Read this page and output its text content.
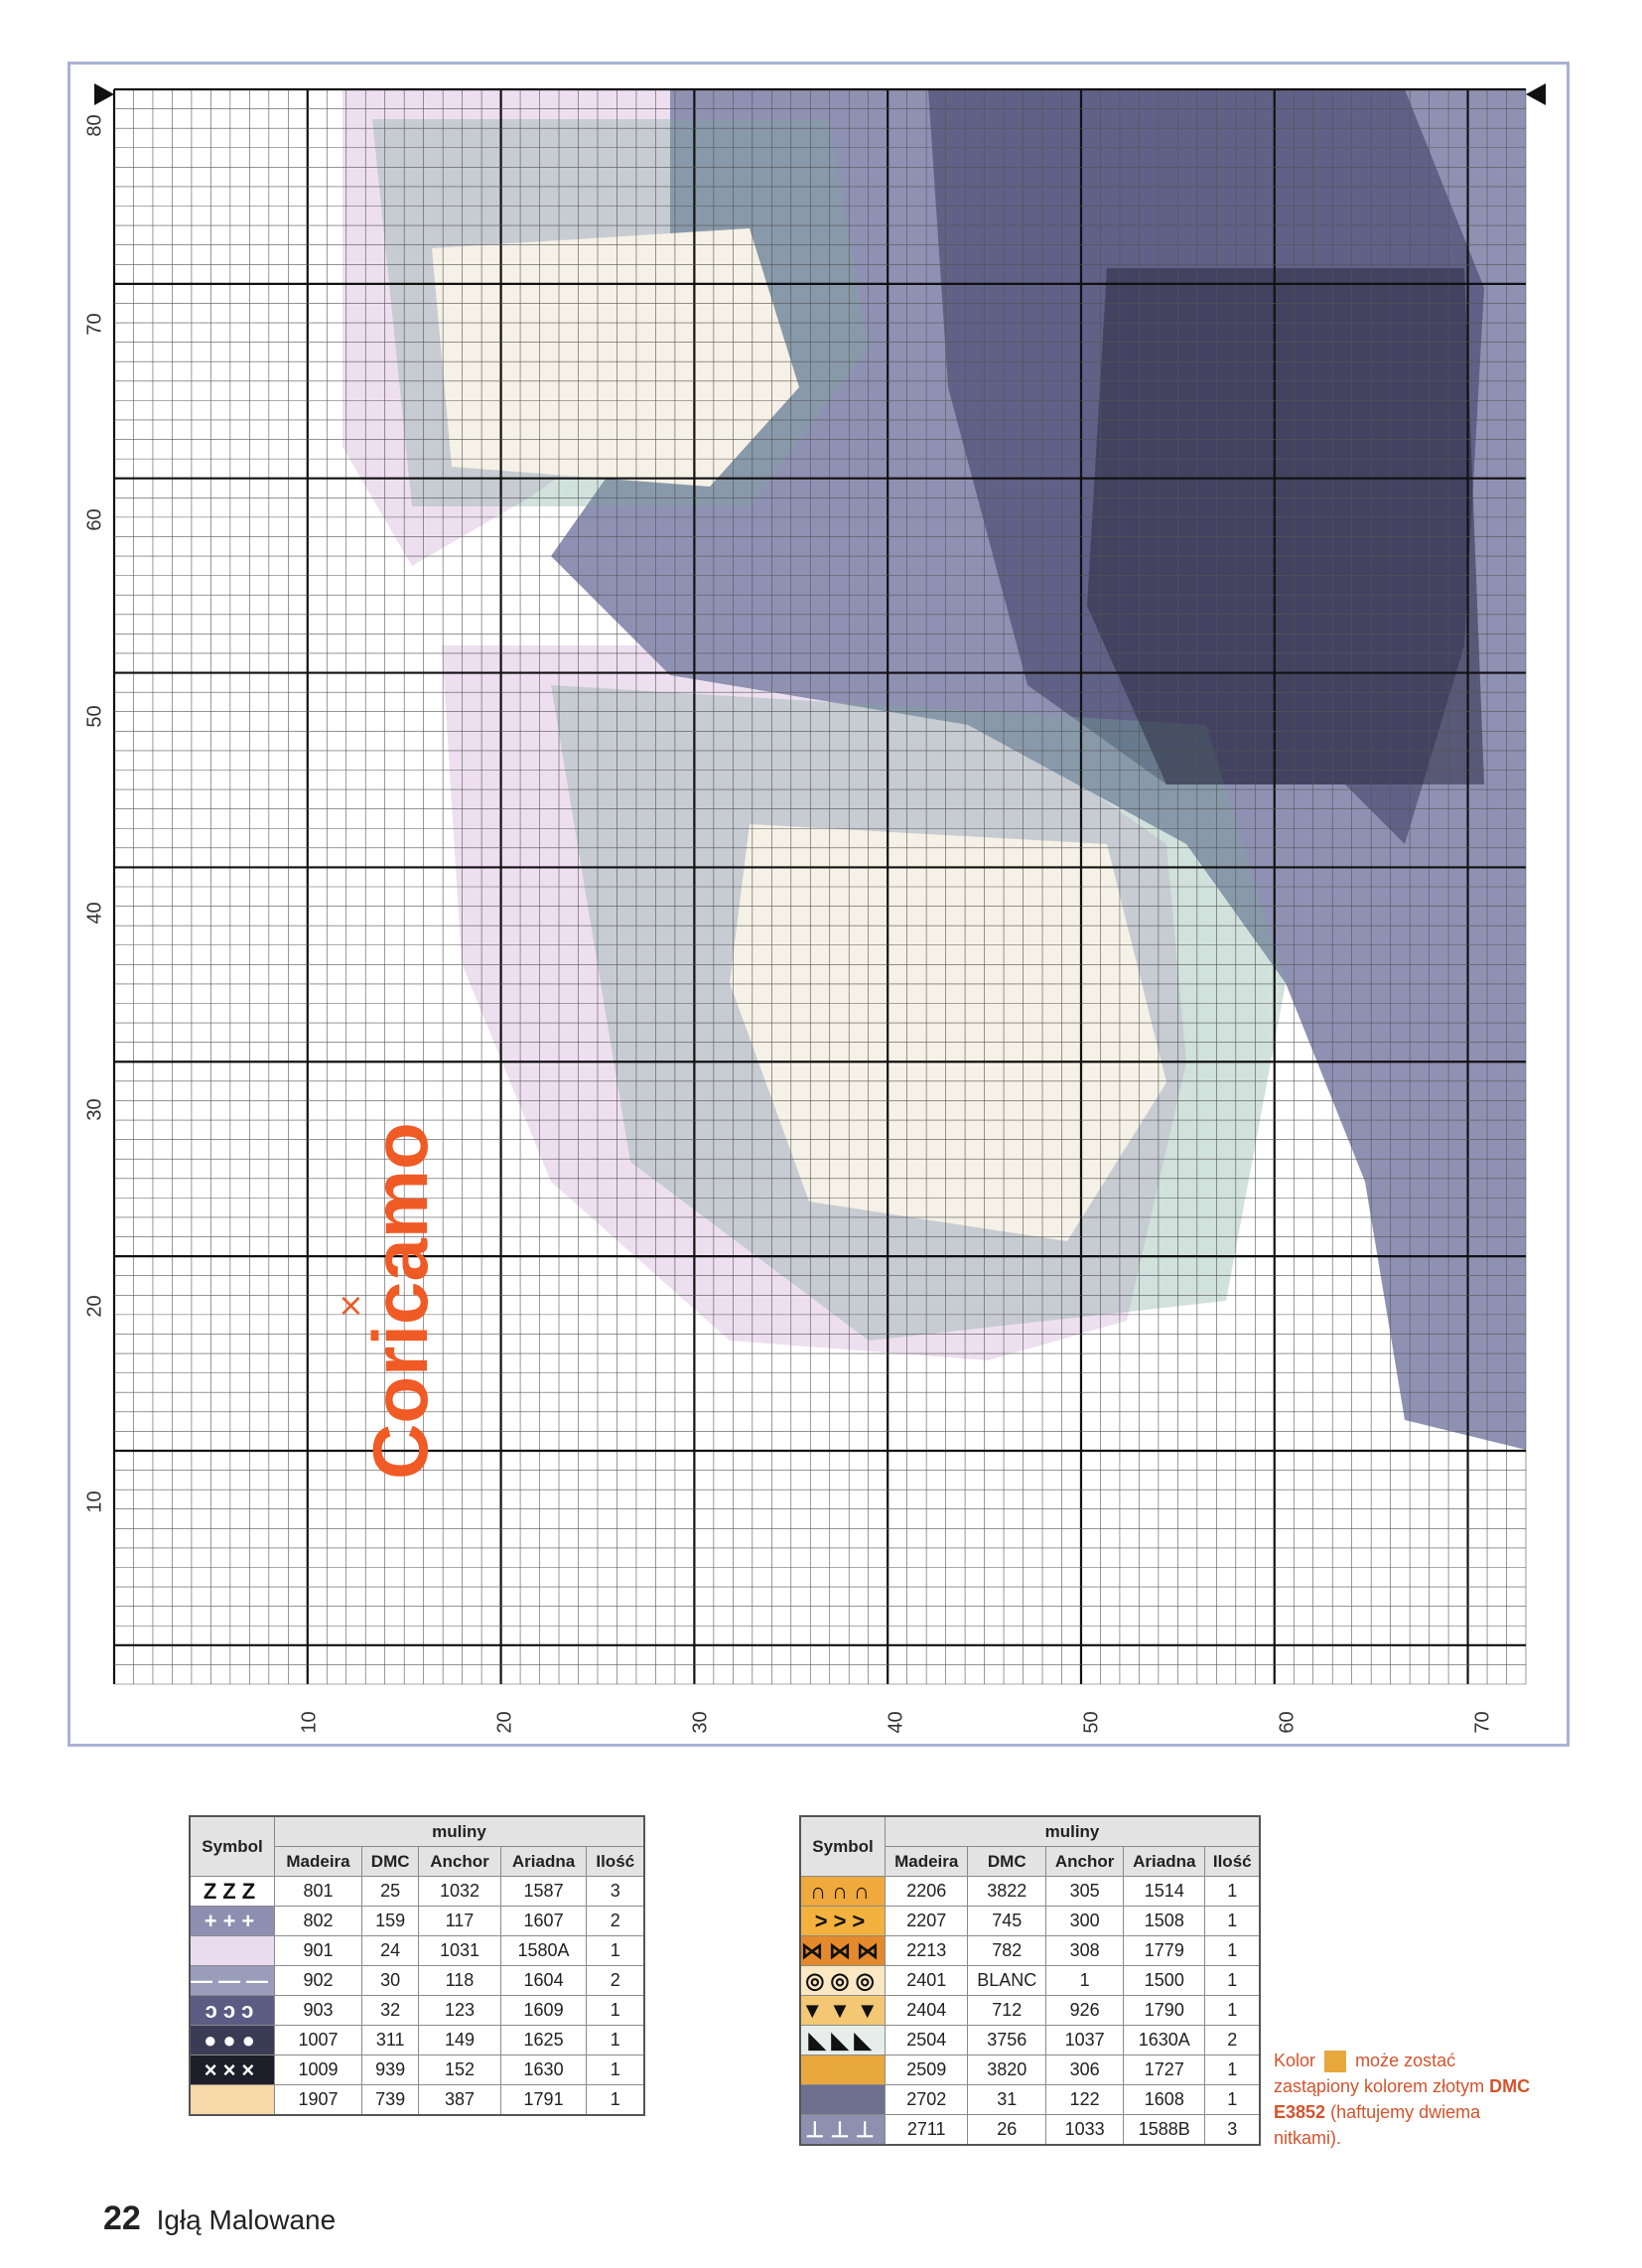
80
70
60
50
40
30
20
10
10	20	30	40	50	60	70
Coricamo
×
Symbol	muliny				
	Madeira	DMC	Anchor	Ariadna	Ilość

ZZZ	801	25	1032	1587	3

+++	802	159	117	1607	2

	901	24	1031	1580A	1

———	902	30	118	1604	2

ↄↄↄ	903	32	123	1609	1

●●●	1007	311	149	1625	1

×××	1009	939	152	1630	1

	1907	739	387	1791	1
Symbol	muliny				
	Madeira	DMC	Anchor	Ariadna	Ilość

∩∩∩	2206	3822	305	1514	1

>>>	2207	745	300	1508	1

⋈⋈⋈	2213	782	308	1779	1

◎◎◎	2401	BLANC	1	1500	1

▼▼▼	2404	712	926	1790	1

◣◣◣	2504	3756	1037	1630A	2

	2509	3820	306	1727	1

	2702	31	122	1608	1

⊥⊥⊥	2711	26	1033	1588B	3
Kolor może zostać zastąpiony kolorem złotym DMC E3852 (haftujemy dwiema nitkami).
22 Igłą Malowane
